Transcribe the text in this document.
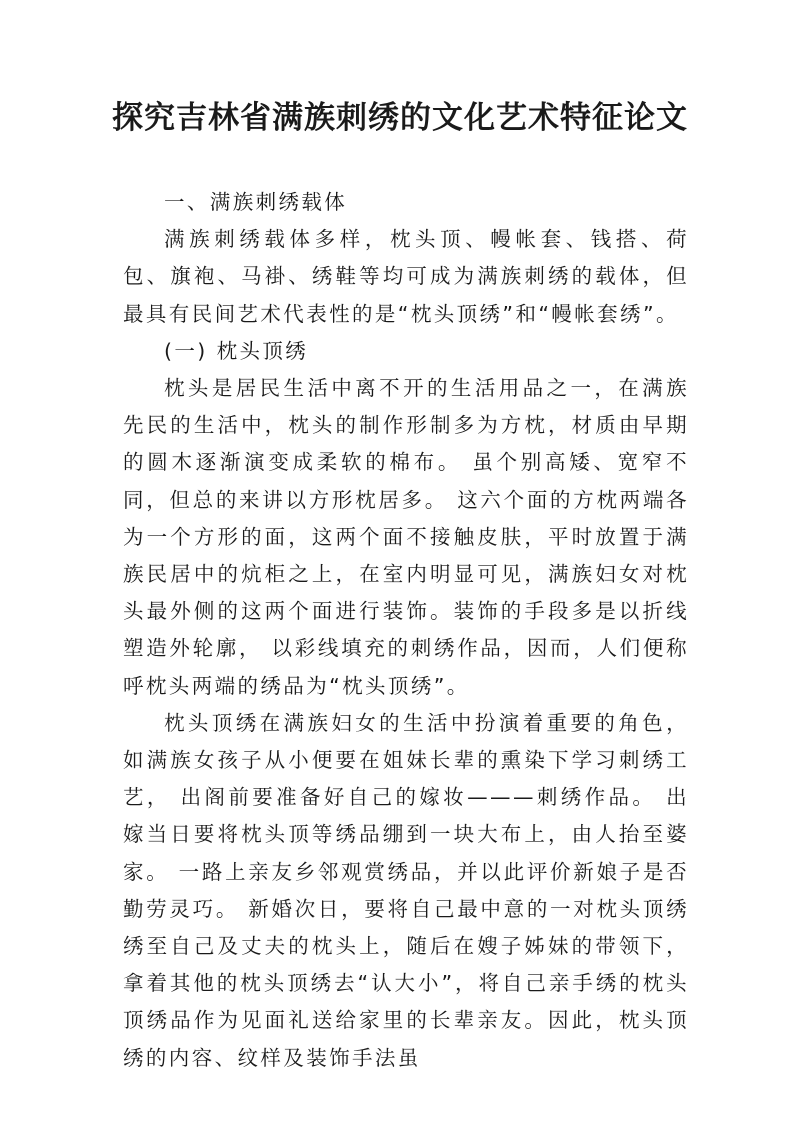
探究吉林省满族刺绣的文化艺术特征论文

一、满族刺绣载体

满族刺绣载体多样，枕头顶、幔帐套、钱搭、荷包、旗袍、马褂、绣鞋等均可成为满族刺绣的载体，但最具有民间艺术代表性的是“枕头顶绣”和“幔帐套绣”。

(一) 枕头顶绣

枕头是居民生活中离不开的生活用品之一，在满族先民的生活中，枕头的制作形制多为方枕，材质由早期的圆木逐渐演变成柔软的棉布。 虽个别高矮、宽窄不同，但总的来讲以方形枕居多。 这六个面的方枕两端各为一个方形的面，这两个面不接触皮肤，平时放置于满族民居中的炕柜之上，在室内明显可见，满族妇女对枕头最外侧的这两个面进行装饰。装饰的手段多是以折线塑造外轮廓， 以彩线填充的刺绣作品，因而，人们便称呼枕头两端的绣品为“枕头顶绣”。

枕头顶绣在满族妇女的生活中扮演着重要的角色，如满族女孩子从小便要在姐妹长辈的熏染下学习刺绣工艺， 出阁前要准备好自己的嫁妆———刺绣作品。 出嫁当日要将枕头顶等绣品绷到一块大布上，由人抬至婆家。 一路上亲友乡邻观赏绣品，并以此评价新娘子是否勤劳灵巧。 新婚次日，要将自己最中意的一对枕头顶绣绣至自己及丈夫的枕头上，随后在嫂子姊妹的带领下，拿着其他的枕头顶绣去“认大小”，将自己亲手绣的枕头顶绣品作为见面礼送给家里的长辈亲友。因此，枕头顶绣的内容、纹样及装饰手法虽
